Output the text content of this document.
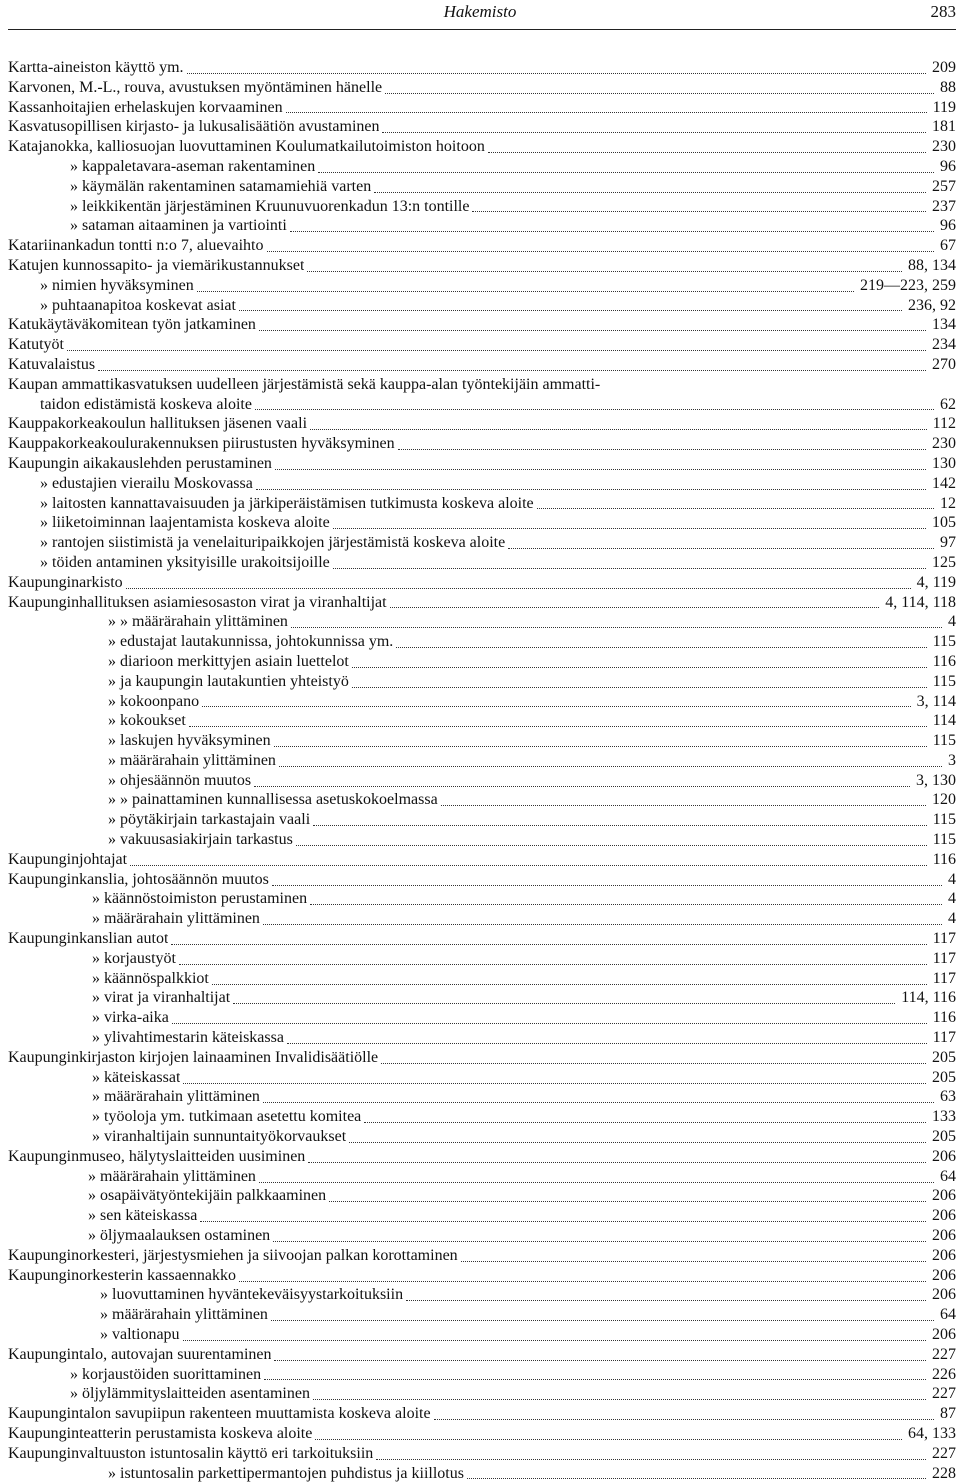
Hakemisto	283
Kartta-aineiston käyttö ym.	209
Karvonen, M.-L., rouva, avustuksen myöntäminen hänelle	88
Kassanhoitajien erhelaskujen korvaaminen	119
Kasvatusopillisen kirjasto- ja lukusalisäätiön avustaminen	181
Katajanokka, kalliosuojan luovuttaminen Koulumatkailutoimiston hoitoon	230
» kappaletavara-aseman rakentaminen	96
» käymälän rakentaminen satamamiehiä varten	257
» leikkikentän järjestäminen Kruunuvuorenkadun 13:n tontille	237
» sataman aitaaminen ja vartiointi	96
Katariinankadun tontti n:o 7, aluevaihto	67
Katujen kunnossapito- ja viemärikustannukset	88, 134
» nimien hyväksyminen	219—223, 259
» puhtaanapitoa koskevat asiat	236, 92
Katukäytäväkomitean työn jatkaminen	134
Katutyöt	234
Katuvalaistus	270
Kaupan ammattikasvatuksen uudelleen järjestämistä sekä kauppa-alan työntekijäin ammatti-
taidon edistämistä koskeva aloite	62
Kauppakorkeakoulun hallituksen jäsenen vaali	112
Kauppakorkeakoulurakennuksen piirustusten hyväksyminen	230
Kaupungin aikakauslehden perustaminen	130
» edustajien vierailu Moskovassa	142
» laitosten kannattavaisuuden ja järkiperäistämisen tutkimusta koskeva aloite	12
» liiketoiminnan laajentamista koskeva aloite	105
» rantojen siistimistä ja venelaituripaikkojen järjestämistä koskeva aloite	97
» töiden antaminen yksityisille urakoitsijoille	125
Kaupunginarkisto	4, 119
Kaupunginhallituksen asiamiesosaston virat ja viranhaltijat	4, 114, 118
» » määrärahain ylittäminen	4
» edustajat lautakunnissa, johtokunnissa ym.	115
» diarioon merkittyjen asiain luettelot	116
» ja kaupungin lautakuntien yhteistyö	115
» kokoonpano	3, 114
» kokoukset	114
» laskujen hyväksyminen	115
» määrärahain ylittäminen	3
» ohjesäännön muutos	3, 130
» » painattaminen kunnallisessa asetuskokoelmassa	120
» pöytäkirjain tarkastajain vaali	115
» vakuusasiakirjain tarkastus	115
Kaupunginjohtajat	116
Kaupunginkanslia, johtosäännön muutos	4
» käännöstoimiston perustaminen	4
» määrärahain ylittäminen	4
Kaupunginkanslian autot	117
» korjaustyöt	117
» käännöspalkkiot	117
» virat ja viranhaltijat	114, 116
» virka-aika	116
» ylivahtimestarin käteiskassa	117
Kaupunginkirjaston kirjojen lainaaminen Invalidisäätiölle	205
» käteiskassat	205
» määrärahain ylittäminen	63
» työoloja ym. tutkimaan asetettu komitea	133
» viranhaltijain sunnuntaityökorvaukset	205
Kaupunginmuseo, hälytyslaitteiden uusiminen	206
» määrärahain ylittäminen	64
» osapäivätyöntekijäin palkkaaminen	206
» sen käteiskassa	206
» öljymaalauksen ostaminen	206
Kaupunginorkesteri, järjestysmiehen ja siivoojan palkan korottaminen	206
Kaupunginorkesterin kassaennakko	206
» luovuttaminen hyväntekeväisyystarkoituksiin	206
» määrärahain ylittäminen	64
» valtionapu	206
Kaupungintalo, autovajan suurentaminen	227
» korjaustöiden suorittaminen	226
» öljylämmityslaitteiden asentaminen	227
Kaupungintalon savupiipun rakenteen muuttamista koskeva aloite	87
Kaupunginteatterin perustamista koskeva aloite	64, 133
Kaupunginvaltuuston istuntosalin käyttö eri tarkoituksiin	227
» istuntosalin parkettipermantojen puhdistus ja kiillotus	228
